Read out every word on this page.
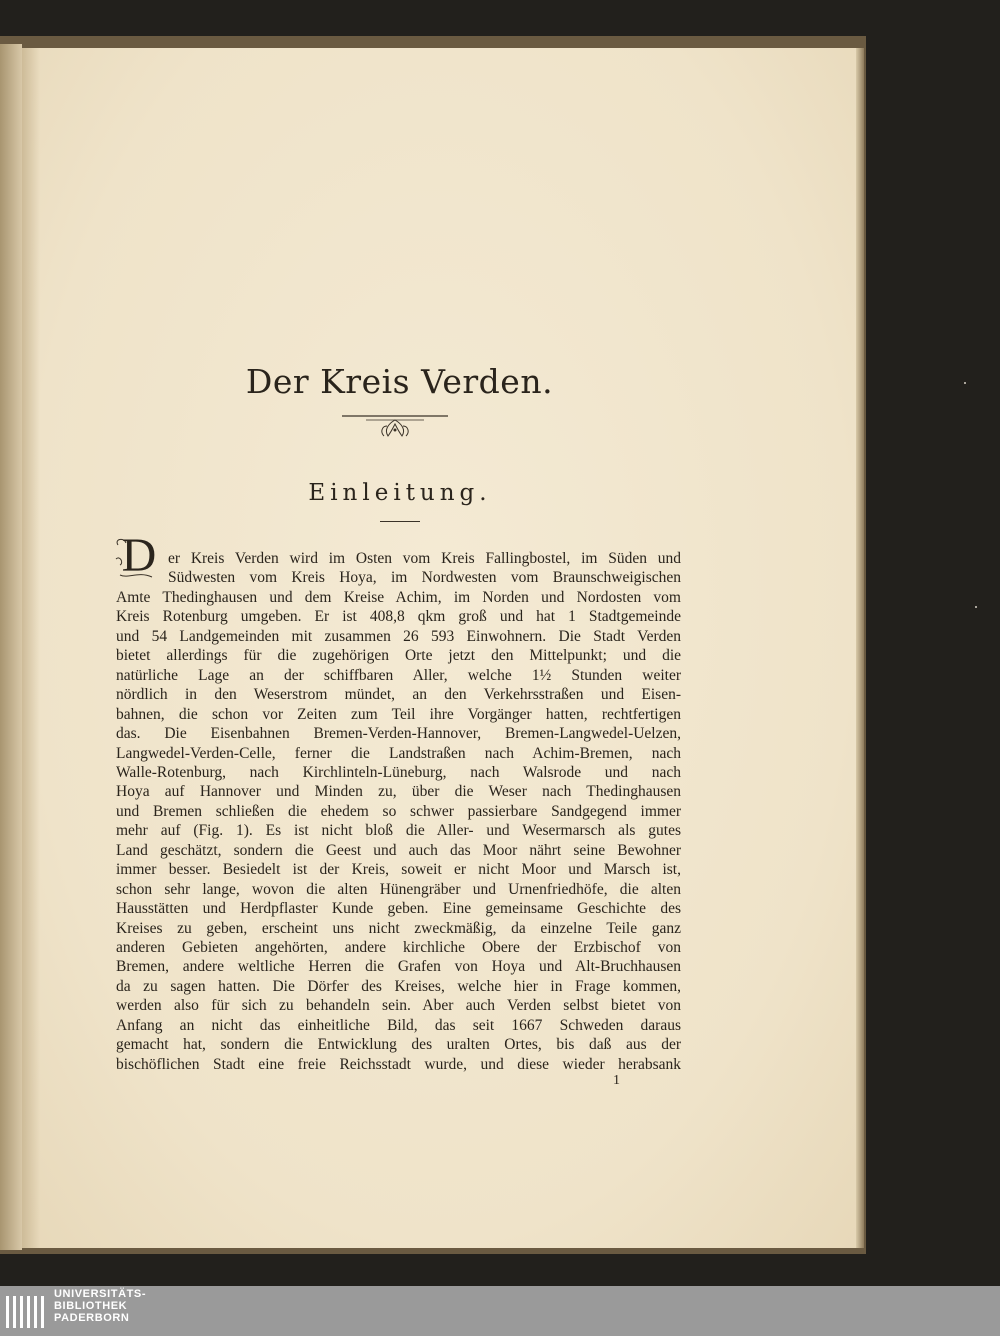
Der Kreis Verden.
Einleitung.
D er Kreis Verden wird im Osten vom Kreis Fallingbostel, im Süden und

Südwesten vom Kreis Hoya, im Nordwesten vom Braunschweigischen

Amte Thedinghausen und dem Kreise Achim, im Norden und Nordosten vom

Kreis Rotenburg umgeben. Er ist 408,8 qkm groß und hat 1 Stadtgemeinde

und 54 Landgemeinden mit zusammen 26 593 Einwohnern. Die Stadt Verden

bietet allerdings für die zugehörigen Orte jetzt den Mittelpunkt; und die

natürliche Lage an der schiffbaren Aller, welche 1½ Stunden weiter

nördlich in den Weserstrom mündet, an den Verkehrsstraßen und Eisen-

bahnen, die schon vor Zeiten zum Teil ihre Vorgänger hatten, rechtfertigen

das. Die Eisenbahnen Bremen-Verden-Hannover, Bremen-Langwedel-Uelzen,

Langwedel-Verden-Celle, ferner die Landstraßen nach Achim-Bremen, nach

Walle-Rotenburg, nach Kirchlinteln-Lüneburg, nach Walsrode und nach

Hoya auf Hannover und Minden zu, über die Weser nach Thedinghausen

und Bremen schließen die ehedem so schwer passierbare Sandgegend immer

mehr auf (Fig. 1). Es ist nicht bloß die Aller- und Wesermarsch als gutes

Land geschätzt, sondern die Geest und auch das Moor nährt seine Bewohner

immer besser. Besiedelt ist der Kreis, soweit er nicht Moor und Marsch ist,

schon sehr lange, wovon die alten Hünengräber und Urnenfriedhöfe, die alten

Hausstätten und Herdpflaster Kunde geben. Eine gemeinsame Geschichte des

Kreises zu geben, erscheint uns nicht zweckmäßig, da einzelne Teile ganz

anderen Gebieten angehörten, andere kirchliche Obere der Erzbischof von

Bremen, andere weltliche Herren die Grafen von Hoya und Alt-Bruchhausen

da zu sagen hatten. Die Dörfer des Kreises, welche hier in Frage kommen,

werden also für sich zu behandeln sein. Aber auch Verden selbst bietet von

Anfang an nicht das einheitliche Bild, das seit 1667 Schweden daraus

gemacht hat, sondern die Entwicklung des uralten Ortes, bis daß aus der

bischöflichen Stadt eine freie Reichsstadt wurde, und diese wieder herabsank

1
UNIVERSITÄTS-
BIBLIOTHEK
PADERBORN
